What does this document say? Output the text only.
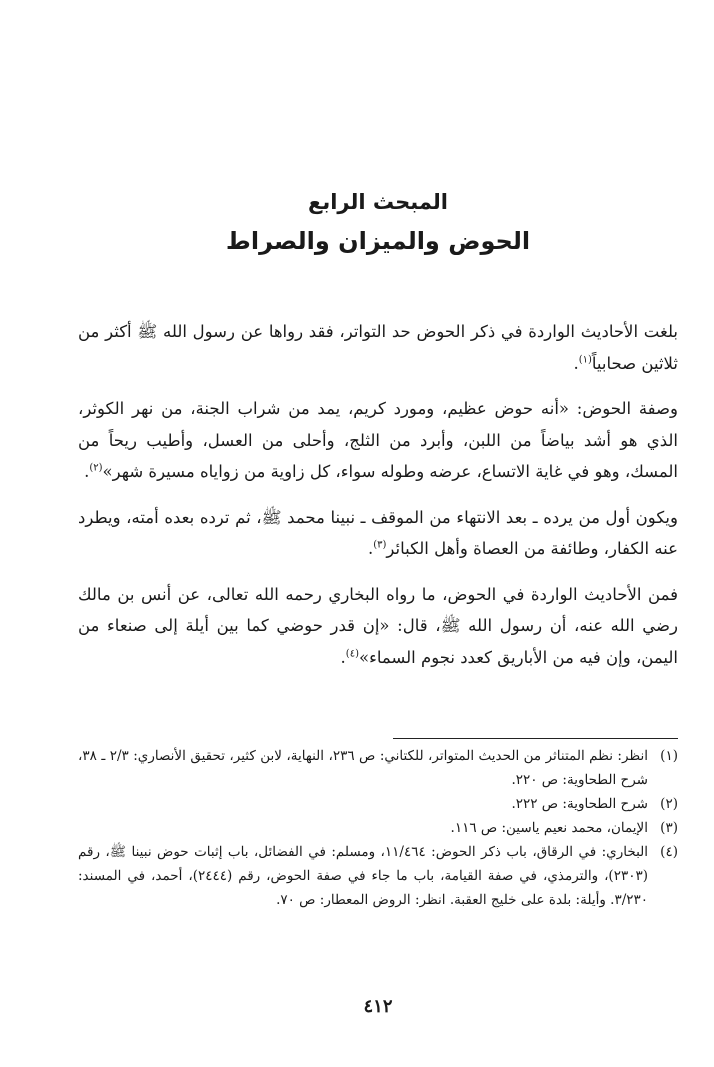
المبحث الرابع
الحوض والميزان والصراط

بلغت الأحاديث الواردة في ذكر الحوض حد التواتر، فقد رواها عن رسول الله ﷺ أكثر من ثلاثين صحابياً$^{(١)}$.

وصفة الحوض: «أنه حوض عظيم، ومورد كريم، يمد من شراب الجنة، من نهر الكوثر، الذي هو أشد بياضاً من اللبن، وأبرد من الثلج، وأحلى من العسل، وأطيب ريحاً من المسك، وهو في غاية الاتساع، عرضه وطوله سواء، كل زاوية من زواياه مسيرة شهر»$^{(٢)}$.

ويكون أول من يرده ـ بعد الانتهاء من الموقف ـ نبينا محمد ﷺ، ثم ترده بعده أمته، ويطرد عنه الكفار، وطائفة من العصاة وأهل الكبائر$^{(٣)}$.

فمن الأحاديث الواردة في الحوض، ما رواه البخاري رحمه الله تعالى، عن أنس بن مالك رضي الله عنه، أن رسول الله ﷺ، قال: «إن قدر حوضي كما بين أيلة إلى صنعاء من اليمن، وإن فيه من الأباريق كعدد نجوم السماء»$^{(٤)}$.

(١)
انظر: نظم المتناثر من الحديث المتواتر، للكتاني: ص ٢٣٦، النهاية، لابن كثير، تحقيق الأنصاري: ٢/٣ ـ ٣٨، شرح الطحاوية: ص ٢٢٠.
(٢)
شرح الطحاوية: ص ٢٢٢.
(٣)
الإيمان، محمد نعيم ياسين: ص ١١٦.
(٤)
البخاري: في الرقاق، باب ذكر الحوض: ١١/٤٦٤، ومسلم: في الفضائل، باب إثبات حوض نبينا ﷺ، رقم (٢٣٠٣)، والترمذي، في صفة القيامة، باب ما جاء في صفة الحوض، رقم (٢٤٤٤)، أحمد، في المسند: ٣/٢٣٠. وأيلة: بلدة على خليج العقبة. انظر: الروض المعطار: ص ٧٠.
٤١٢
